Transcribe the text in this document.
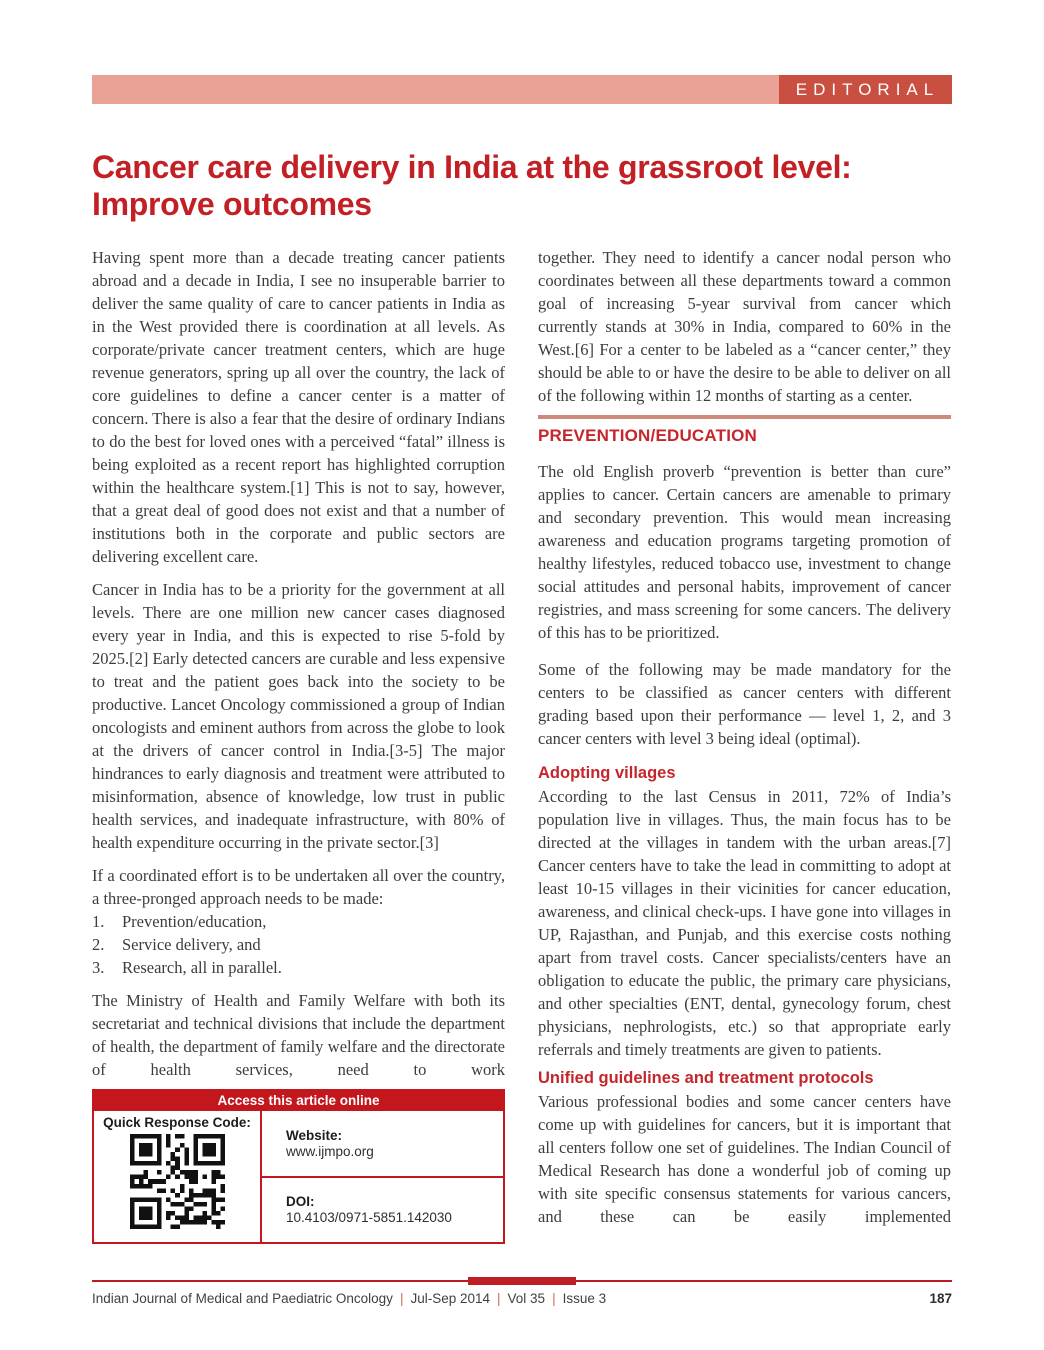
EDITORIAL
Cancer care delivery in India at the grassroot level: Improve outcomes

Having spent more than a decade treating cancer patients abroad and a decade in India, I see no insuperable barrier to deliver the same quality of care to cancer patients in India as in the West provided there is coordination at all levels. As corporate/private cancer treatment centers, which are huge revenue generators, spring up all over the country, the lack of core guidelines to define a cancer center is a matter of concern. There is also a fear that the desire of ordinary Indians to do the best for loved ones with a perceived “fatal” illness is being exploited as a recent report has highlighted corruption within the healthcare system.[1] This is not to say, however, that a great deal of good does not exist and that a number of institutions both in the corporate and public sectors are delivering excellent care.

Cancer in India has to be a priority for the government at all levels. There are one million new cancer cases diagnosed every year in India, and this is expected to rise 5-fold by 2025.[2] Early detected cancers are curable and less expensive to treat and the patient goes back into the society to be productive. Lancet Oncology commissioned a group of Indian oncologists and eminent authors from across the globe to look at the drivers of cancer control in India.[3-5] The major hindrances to early diagnosis and treatment were attributed to misinformation, absence of knowledge, low trust in public health services, and inadequate infrastructure, with 80% of health expenditure occurring in the private sector.[3]

If a coordinated effort is to be undertaken all over the country, a three-pronged approach needs to be made:

1.	Prevention/education,
2.	Service delivery, and
3.	Research, all in parallel.

The Ministry of Health and Family Welfare with both its secretariat and technical divisions that include the department of health, the department of family welfare and the directorate of health services, need to work

Access this article online
Quick Response Code:
Website:
www.ijmpo.org
DOI:
10.4103/0971-5851.142030

together. They need to identify a cancer nodal person who coordinates between all these departments toward a common goal of increasing 5-year survival from cancer which currently stands at 30% in India, compared to 60% in the West.[6] For a center to be labeled as a “cancer center,” they should be able to or have the desire to be able to deliver on all of the following within 12 months of starting as a center.

PREVENTION/EDUCATION

The old English proverb “prevention is better than cure” applies to cancer. Certain cancers are amenable to primary and secondary prevention. This would mean increasing awareness and education programs targeting promotion of healthy lifestyles, reduced tobacco use, investment to change social attitudes and personal habits, improvement of cancer registries, and mass screening for some cancers. The delivery of this has to be prioritized.

Some of the following may be made mandatory for the centers to be classified as cancer centers with different grading based upon their performance — level 1, 2, and 3 cancer centers with level 3 being ideal (optimal).

Adopting villages

According to the last Census in 2011, 72% of India’s population live in villages. Thus, the main focus has to be directed at the villages in tandem with the urban areas.[7] Cancer centers have to take the lead in committing to adopt at least 10-15 villages in their vicinities for cancer education, awareness, and clinical check-ups. I have gone into villages in UP, Rajasthan, and Punjab, and this exercise costs nothing apart from travel costs. Cancer specialists/centers have an obligation to educate the public, the primary care physicians, and other specialties (ENT, dental, gynecology forum, chest physicians, nephrologists, etc.) so that appropriate early referrals and timely treatments are given to patients.

Unified guidelines and treatment protocols

Various professional bodies and some cancer centers have come up with guidelines for cancers, but it is important that all centers follow one set of guidelines. The Indian Council of Medical Research has done a wonderful job of coming up with site specific consensus statements for various cancers, and these can be easily implemented

Indian Journal of Medical and Paediatric Oncology | Jul-Sep 2014 | Vol 35 | Issue 3	187
